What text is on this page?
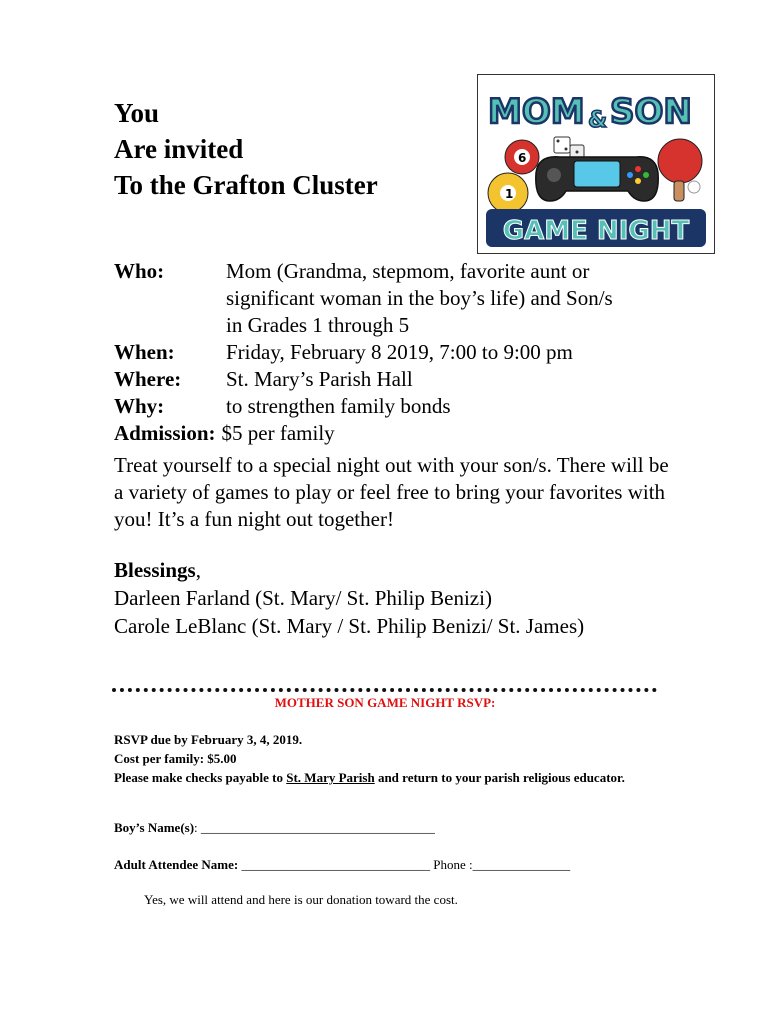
You
Are invited
To the Grafton Cluster
MOM SON
&
6
1
GAME NIGHT
Who:	Mom (Grandma, stepmom, favorite aunt or
significant woman in the boy’s life) and Son/s
in Grades 1 through 5
When:	Friday, February 8 2019, 7:00 to 9:00 pm
Where:	St. Mary’s Parish Hall
Why:	to strengthen family bonds
Admission: $5 per family
Treat yourself to a special night out with your son/s. There will be a variety of games to play or feel free to bring your favorites with you! It’s a fun night out together!
Blessings,
Darleen Farland (St. Mary/ St. Philip Benizi)
Carole LeBlanc (St. Mary / St. Philip Benizi/ St. James)
MOTHER SON GAME NIGHT RSVP:
RSVP due by February 3, 4, 2019.
Cost per family: $5.00
Please make checks payable to St. Mary Parish and return to your parish religious educator.
Boy’s Name(s): ____________________________________
Adult Attendee Name: _____________________________ Phone :_______________
Yes, we will attend and here is our donation toward the cost.
